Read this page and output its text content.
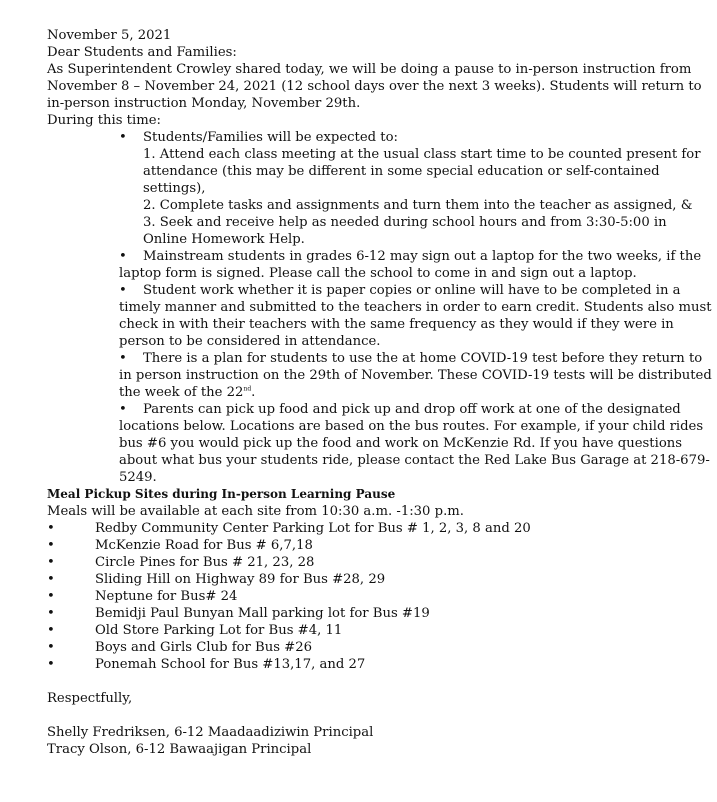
November 5, 2021
Dear Students and Families:
As Superintendent Crowley shared today, we will be doing a pause to in-person instruction from
November 8 – November 24, 2021 (12 school days over the next 3 weeks). Students will return to
in-person instruction Monday, November 29th.
During this time:
• Students/Families will be expected to:
1. Attend each class meeting at the usual class start time to be counted present for
attendance (this may be different in some special education or self-contained
settings),
2. Complete tasks and assignments and turn them into the teacher as assigned, &
3. Seek and receive help as needed during school hours and from 3:30-5:00 in
Online Homework Help.
• Mainstream students in grades 6-12 may sign out a laptop for the two weeks, if the
laptop form is signed. Please call the school to come in and sign out a laptop.
• Student work whether it is paper copies or online will have to be completed in a
timely manner and submitted to the teachers in order to earn credit. Students also must
check in with their teachers with the same frequency as they would if they were in
person to be considered in attendance.
• There is a plan for students to use the at home COVID-19 test before they return to
in person instruction on the 29th of November. These COVID-19 tests will be distributed
the week of the 22nd.
• Parents can pick up food and pick up and drop off work at one of the designated
locations below. Locations are based on the bus routes. For example, if your child rides
bus #6 you would pick up the food and work on McKenzie Rd. If you have questions
about what bus your students ride, please contact the Red Lake Bus Garage at 218-679-
5249.
Meal Pickup Sites during In-person Learning Pause
Meals will be available at each site from 10:30 a.m. -1:30 p.m.
•	Redby Community Center Parking Lot for Bus # 1, 2, 3, 8 and 20
•	McKenzie Road for Bus # 6,7,18
•	Circle Pines for Bus # 21, 23, 28
•	Sliding Hill on Highway 89 for Bus #28, 29
•	Neptune for Bus# 24
•	Bemidji Paul Bunyan Mall parking lot for Bus #19
•	Old Store Parking Lot for Bus #4, 11
•	Boys and Girls Club for Bus #26
•	Ponemah School for Bus #13,17, and 27
Respectfully,
Shelly Fredriksen, 6-12 Maadaadiziwin Principal
Tracy Olson, 6-12 Bawaajigan Principal
